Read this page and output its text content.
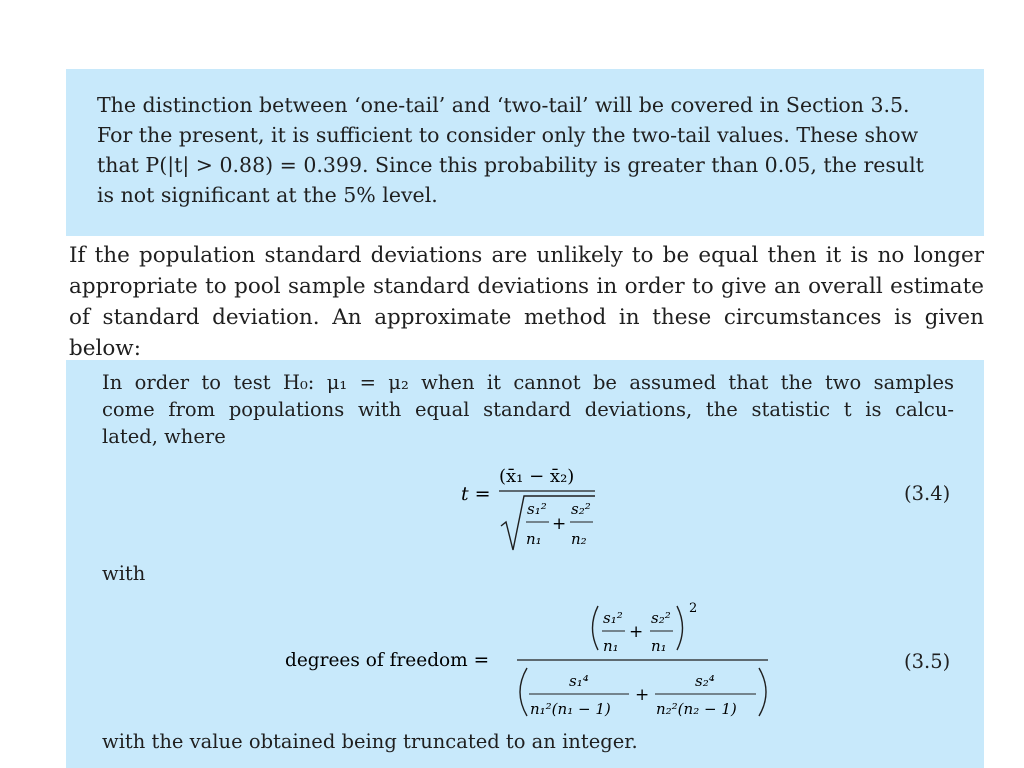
The distinction between ‘one-tail’ and ‘two-tail’ will be covered in Section 3.5.
For the present, it is sufficient to consider only the two-tail values. These show
that P(|t| > 0.88) = 0.399. Since this probability is greater than 0.05, the result
is not significant at the 5% level.
If the population standard deviations are unlikely to be equal then it is no longer
appropriate to pool sample standard deviations in order to give an overall estimate
of standard deviation. An approximate method in these circumstances is given
below:
In order to test H₀: μ₁ = μ₂ when it cannot be assumed that the two samples
come from populations with equal standard deviations, the statistic t is calcu-
lated, where
t =
(x̄₁ − x̄₂)
s₁²
n₁
+
s₂²
n₂
(3.4)
with
degrees of freedom =
s₁²
n₁
+
s₂²
n₁
2
s₁⁴
n₁²(n₁ − 1)
+
s₂⁴
n₂²(n₂ − 1)
(3.5)
with the value obtained being truncated to an integer.
